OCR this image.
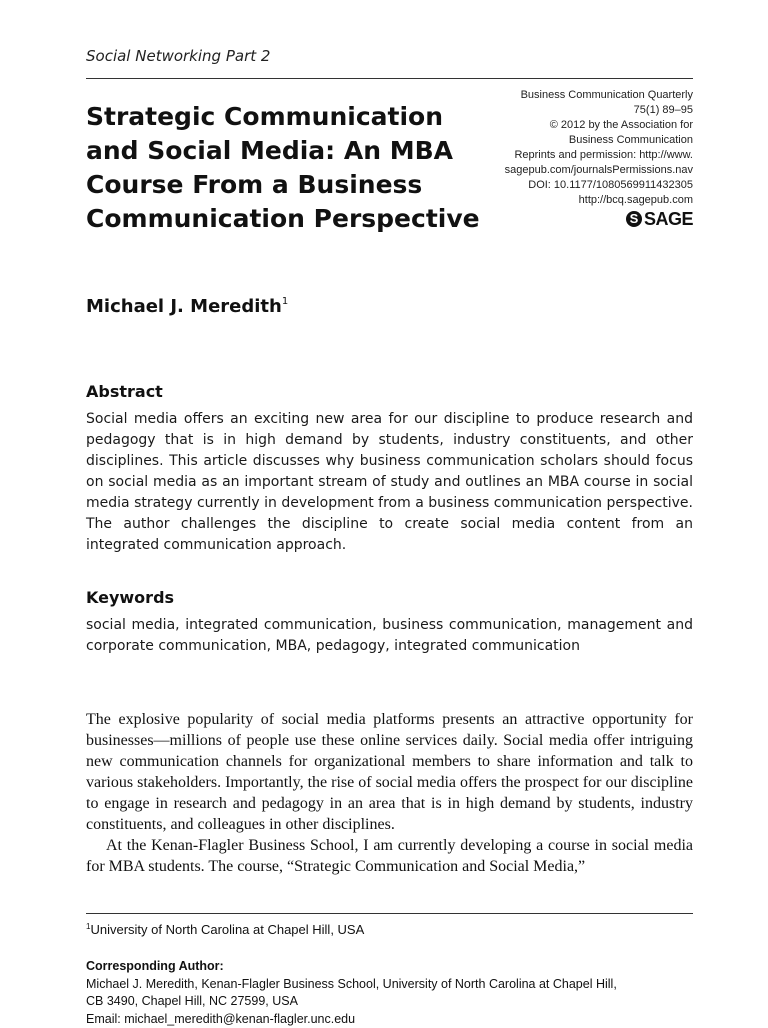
Social Networking Part 2
Strategic Communication and Social Media: An MBA Course From a Business Communication Perspective
Business Communication Quarterly
75(1) 89–95
© 2012 by the Association for
Business Communication
Reprints and permission: http://www.
sagepub.com/journalsPermissions.nav
DOI: 10.1177/1080569911432305
http://bcq.sagepub.com
S SAGE
Michael J. Meredith$^1$
Abstract
Social media offers an exciting new area for our discipline to produce research and pedagogy that is in high demand by students, industry constituents, and other disciplines. This article discusses why business communication scholars should focus on social media as an important stream of study and outlines an MBA course in social media strategy currently in development from a business communication perspective. The author challenges the discipline to create social media content from an integrated communication approach.
Keywords
social media, integrated communication, business communication, management and corporate communication, MBA, pedagogy, integrated communication

The explosive popularity of social media platforms presents an attractive opportunity for businesses—millions of people use these online services daily. Social media offer intriguing new communication channels for organizational members to share information and talk to various stakeholders. Importantly, the rise of social media offers the prospect for our discipline to engage in research and pedagogy in an area that is in high demand by students, industry constituents, and colleagues in other disciplines.

At the Kenan-Flagler Business School, I am currently developing a course in social media for MBA students. The course, “Strategic Communication and Social Media,”

$^1$University of North Carolina at Chapel Hill, USA
Corresponding Author:
Michael J. Meredith, Kenan-Flagler Business School, University of North Carolina at Chapel Hill,
CB 3490, Chapel Hill, NC 27599, USA
Email: michael_meredith@kenan-flagler.unc.edu
